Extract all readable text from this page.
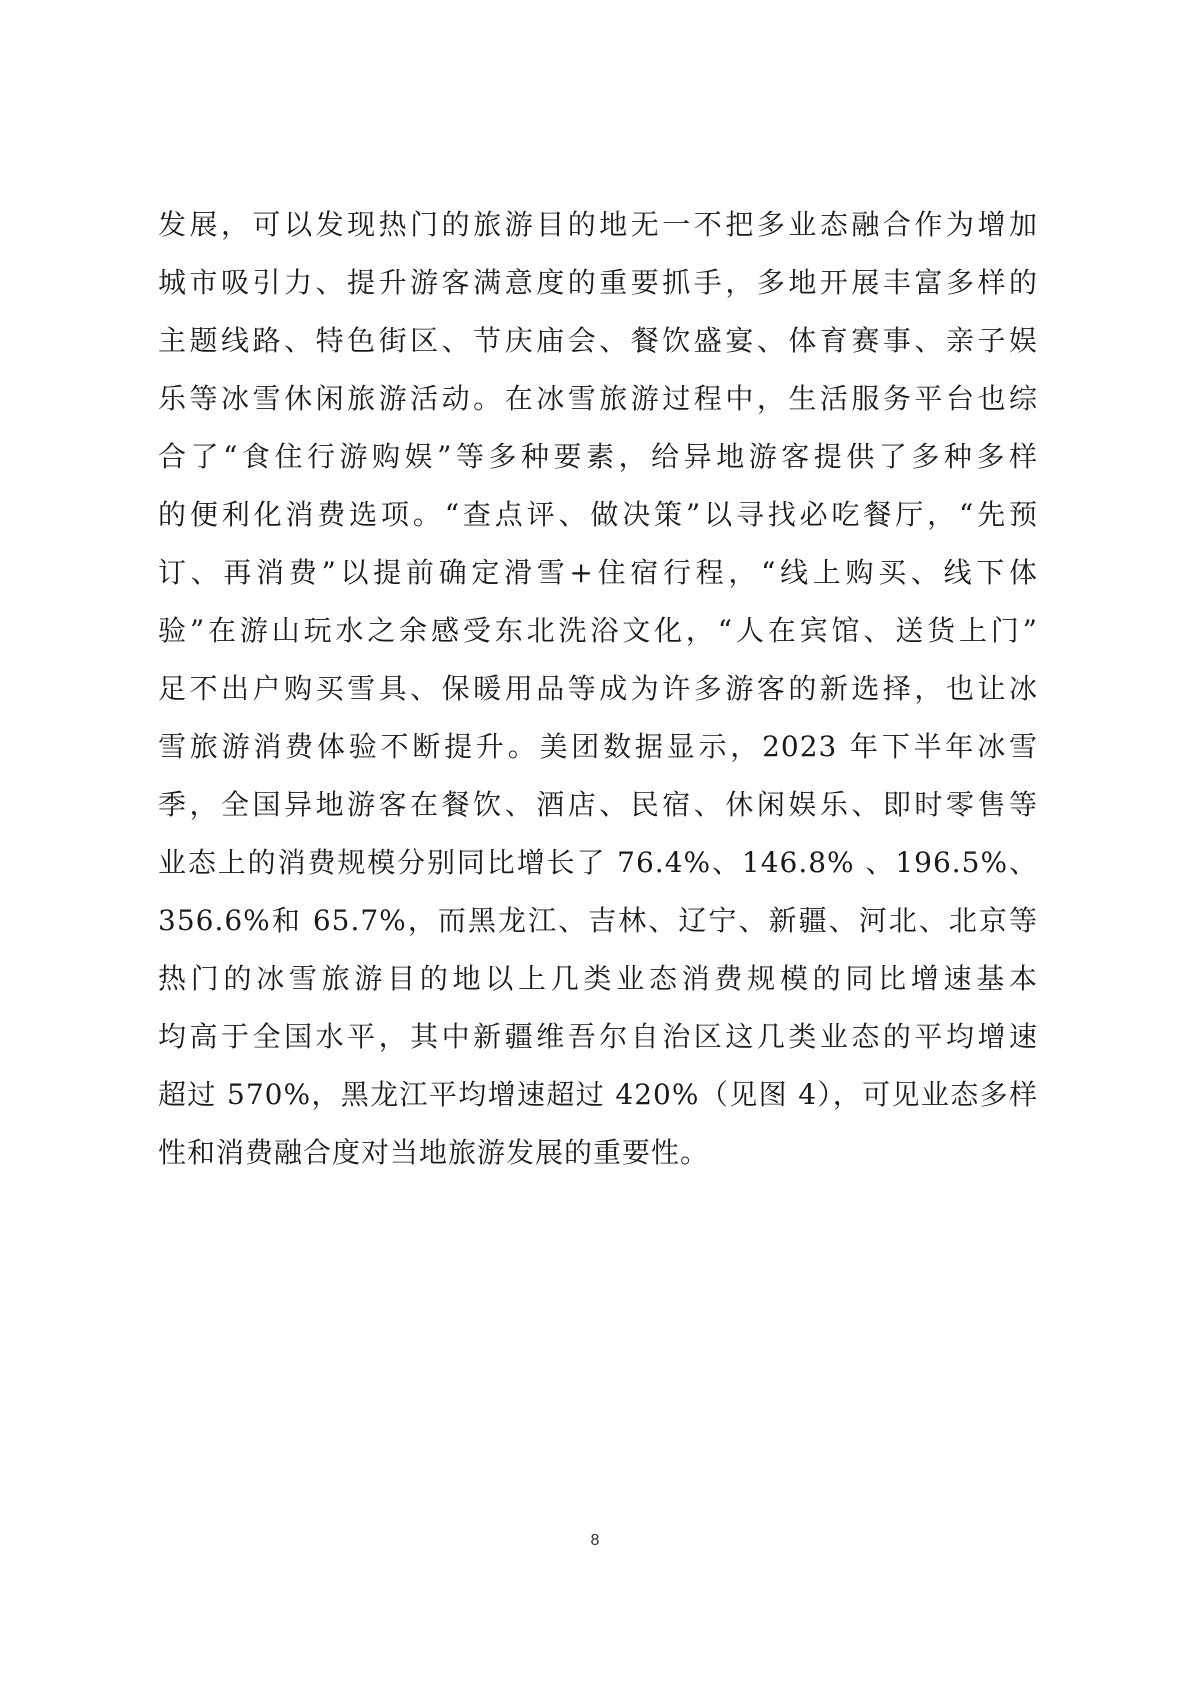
发展，可以发现热门的旅游目的地无一不把多业态融合作为增加
城市吸引力、提升游客满意度的重要抓手，多地开展丰富多样的
主题线路、特色街区、节庆庙会、餐饮盛宴、体育赛事、亲子娱
乐等冰雪休闲旅游活动。在冰雪旅游过程中，生活服务平台也综
合了“食住行游购娱”等多种要素，给异地游客提供了多种多样
的便利化消费选项。“查点评、做决策”以寻找必吃餐厅，“先预
订、再消费”以提前确定滑雪+住宿行程，“线上购买、线下体
验”在游山玩水之余感受东北洗浴文化，“人在宾馆、送货上门”
足不出户购买雪具、保暖用品等成为许多游客的新选择，也让冰
雪旅游消费体验不断提升。美团数据显示，2023 年下半年冰雪
季，全国异地游客在餐饮、酒店、民宿、休闲娱乐、即时零售等
业态上的消费规模分别同比增长了 76.4%、146.8% 、196.5%、
356.6%和 65.7%，而黑龙江、吉林、辽宁、新疆、河北、北京等
热门的冰雪旅游目的地以上几类业态消费规模的同比增速基本
均高于全国水平，其中新疆维吾尔自治区这几类业态的平均增速
超过 570%，黑龙江平均增速超过 420%（见图 4），可见业态多样
性和消费融合度对当地旅游发展的重要性。
8
